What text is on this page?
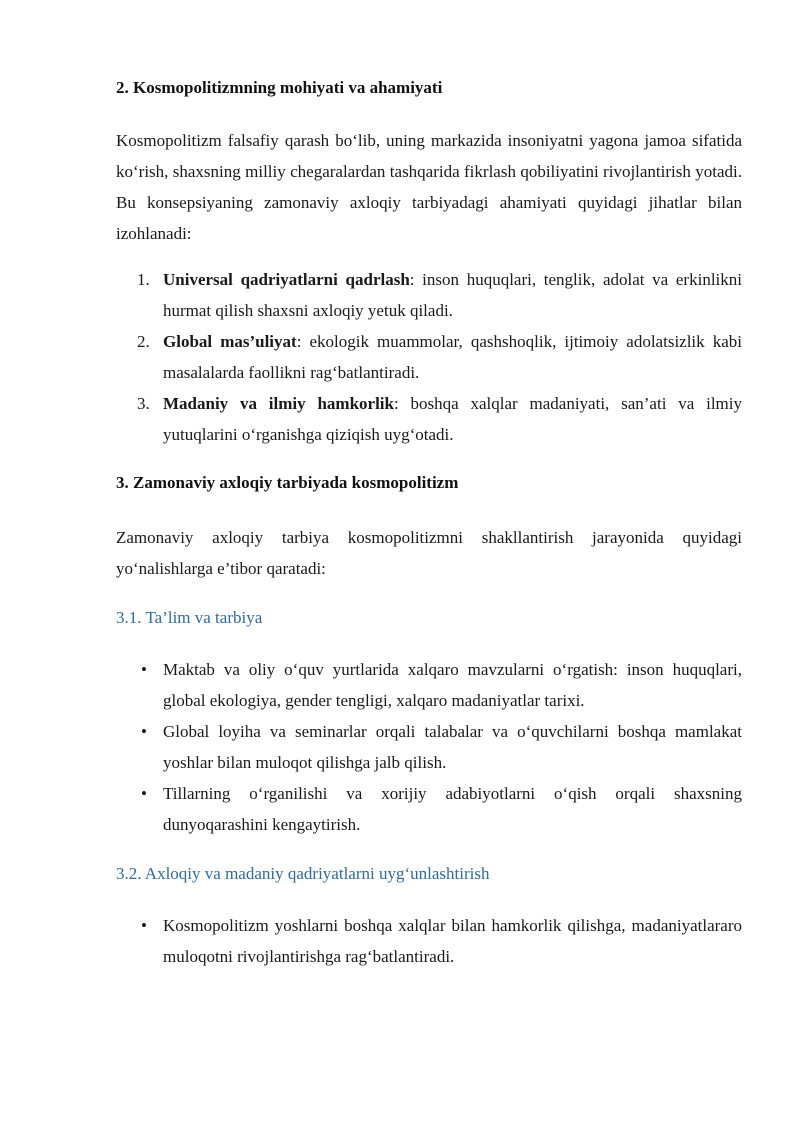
2. Kosmopolitizmning mohiyati va ahamiyati

Kosmopolitizm falsafiy qarash bo‘lib, uning markazida insoniyatni yagona jamoa sifatida ko‘rish, shaxsning milliy chegaralardan tashqarida fikrlash qobiliyatini rivojlantirish yotadi. Bu konsepsiyaning zamonaviy axloqiy tarbiyadagi ahamiyati quyidagi jihatlar bilan izohlanadi:

1. Universal qadriyatlarni qadrlash: inson huquqlari, tenglik, adolat va erkinlikni hurmat qilish shaxsni axloqiy yetuk qiladi.
2. Global mas’uliyat: ekologik muammolar, qashshoqlik, ijtimoiy adolatsizlik kabi masalalarda faollikni rag‘batlantiradi.
3. Madaniy va ilmiy hamkorlik: boshqa xalqlar madaniyati, san’ati va ilmiy yutuqlarini o‘rganishga qiziqish uyg‘otadi.
3. Zamonaviy axloqiy tarbiyada kosmopolitizm

Zamonaviy axloqiy tarbiya kosmopolitizmni shakllantirish jarayonida quyidagi yo‘nalishlarga e’tibor qaratadi:

3.1. Ta’lim va tarbiya
• Maktab va oliy o‘quv yurtlarida xalqaro mavzularni o‘rgatish: inson huquqlari, global ekologiya, gender tengligi, xalqaro madaniyatlar tarixi.
• Global loyiha va seminarlar orqali talabalar va o‘quvchilarni boshqa mamlakat yoshlar bilan muloqot qilishga jalb qilish.
• Tillarning o‘rganilishi va xorijiy adabiyotlarni o‘qish orqali shaxsning dunyoqarashini kengaytirish.
3.2. Axloqiy va madaniy qadriyatlarni uyg‘unlashtirish
• Kosmopolitizm yoshlarni boshqa xalqlar bilan hamkorlik qilishga, madaniyatlararo muloqotni rivojlantirishga rag‘batlantiradi.
